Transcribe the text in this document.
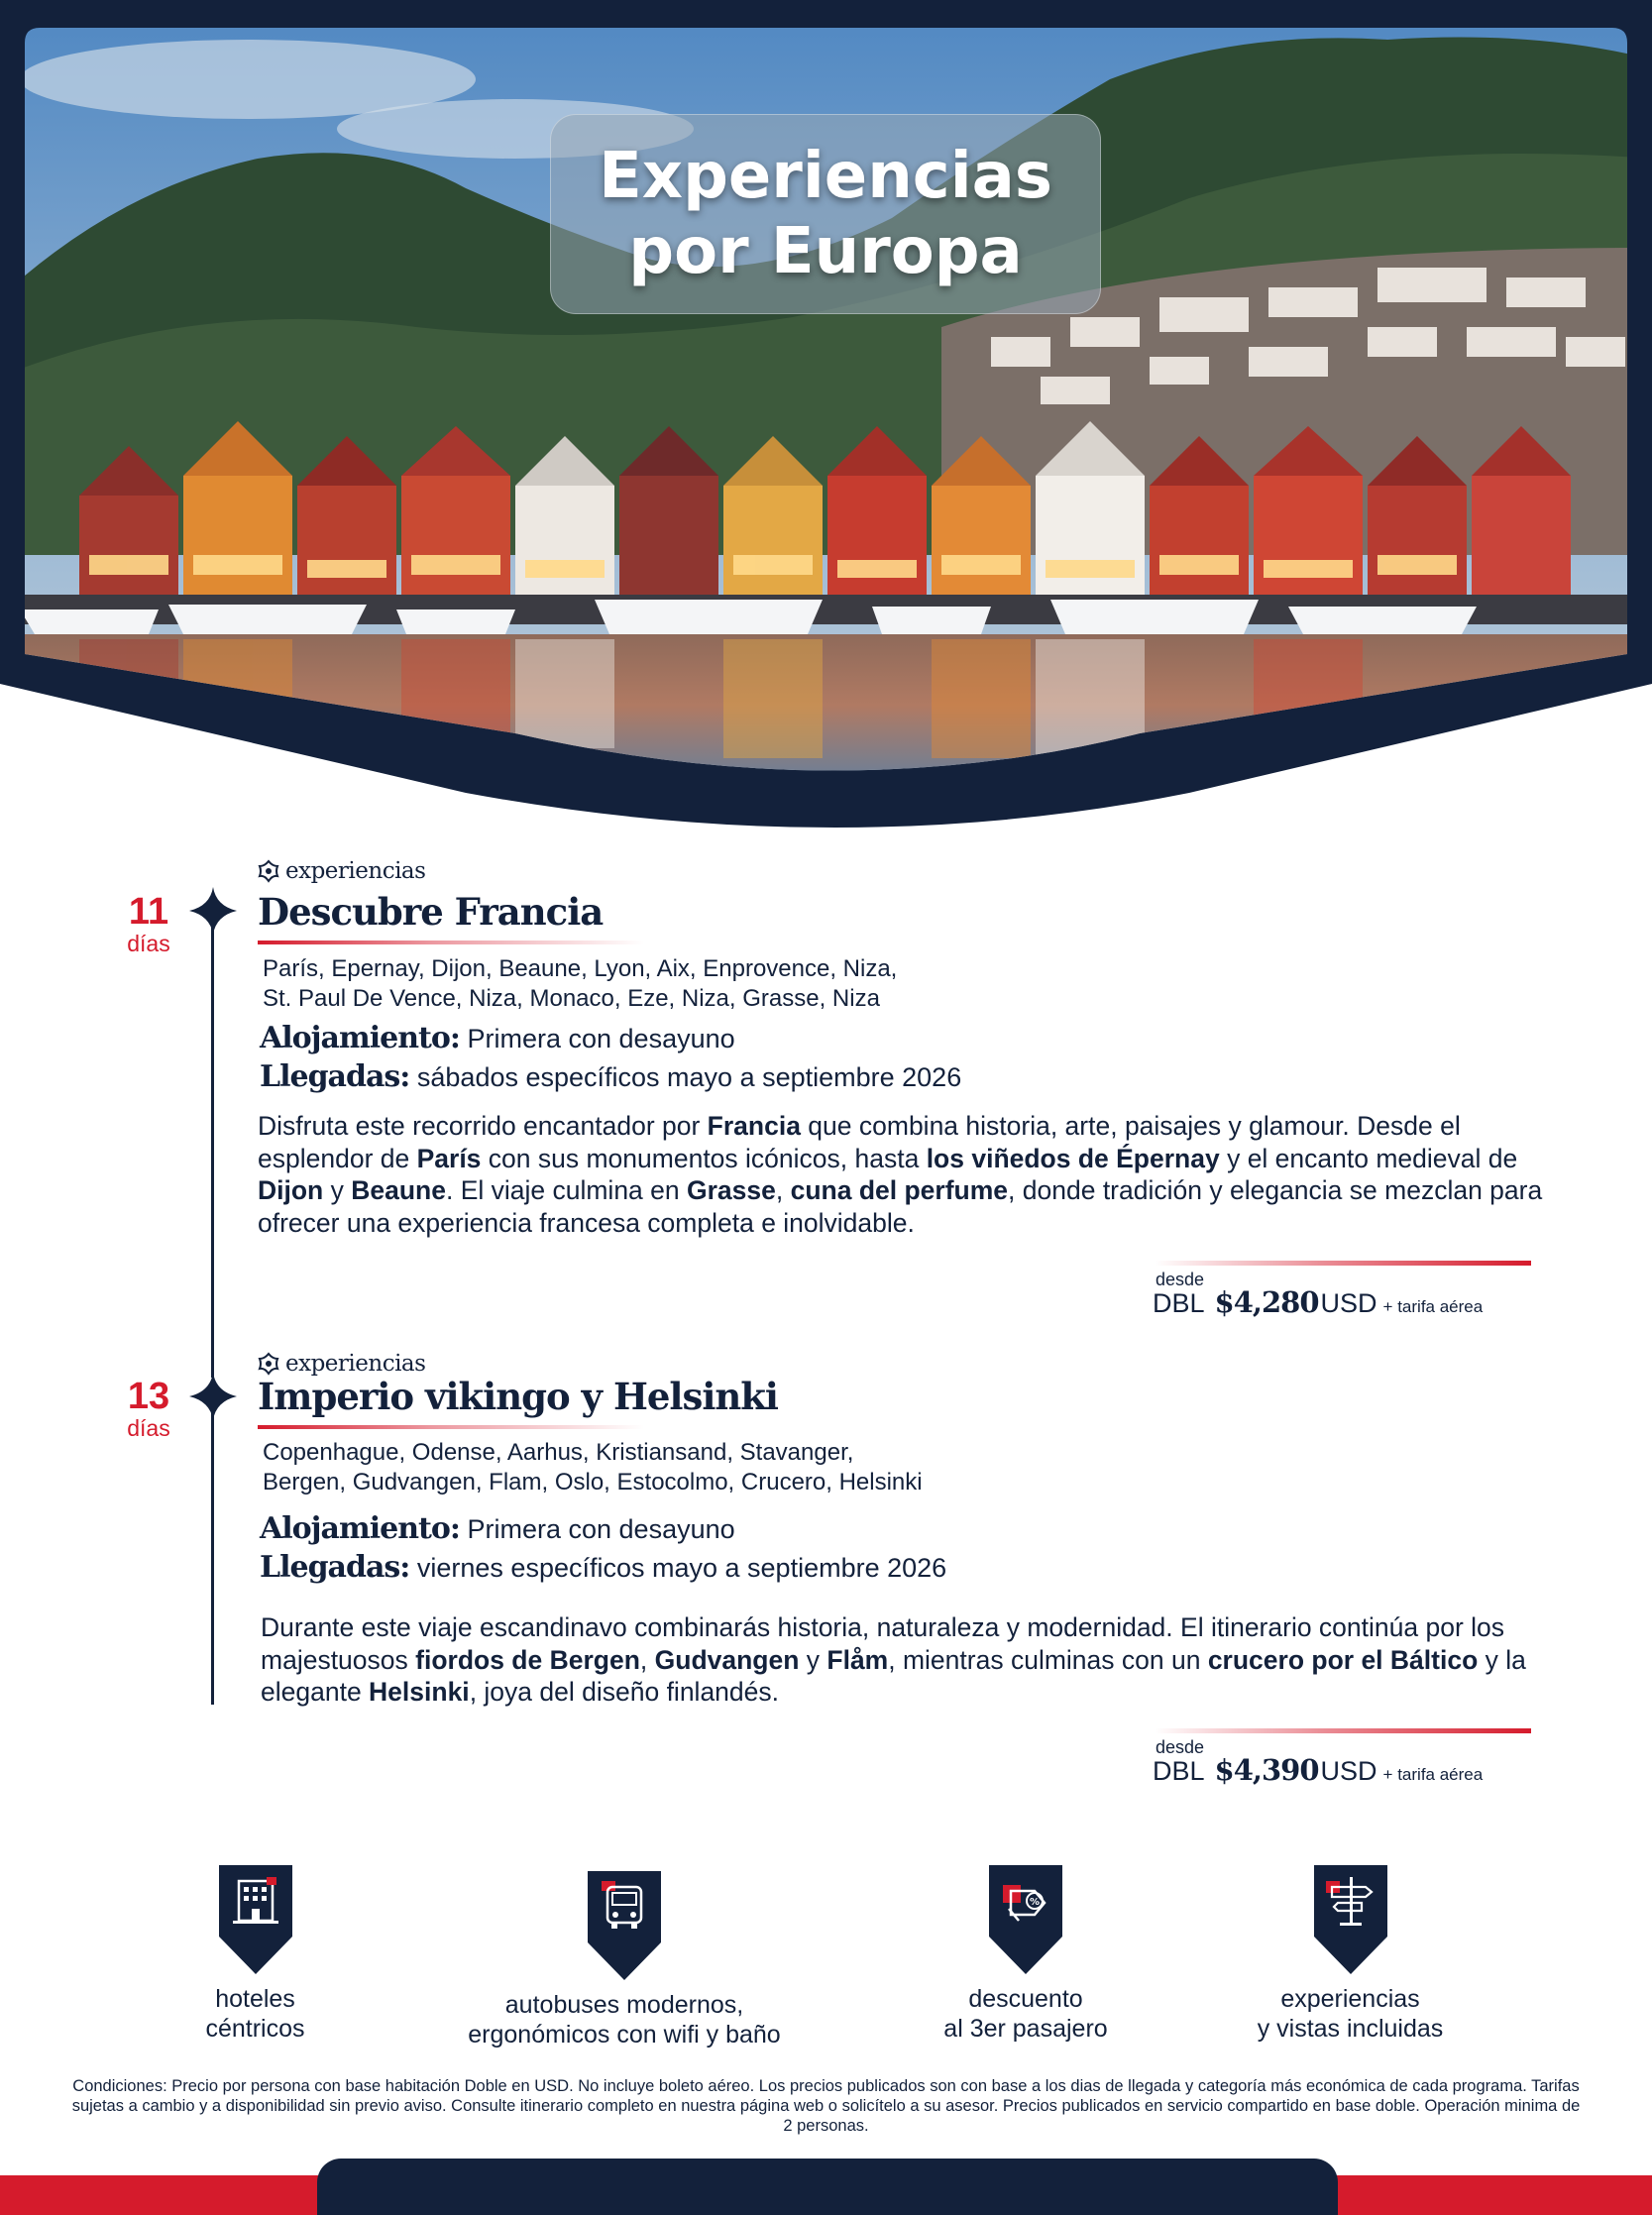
Experiencias
por Europa
11
días
experiencias
Descubre Francia
París, Epernay, Dijon, Beaune, Lyon, Aix, Enprovence, Niza,
St. Paul De Vence, Niza, Monaco, Eze, Niza, Grasse, Niza
Alojamiento: Primera con desayuno
Llegadas: sábados específicos mayo a septiembre 2026
Disfruta este recorrido encantador por Francia que combina historia, arte, paisajes y glamour. Desde el esplendor de París con sus monumentos icónicos, hasta los viñedos de Épernay y el encanto medieval de Dijon y Beaune. El viaje culmina en Grasse, cuna del perfume, donde tradición y elegancia se mezclan para ofrecer una experiencia francesa completa e inolvidable.
desde
DBL $4,280 USD + tarifa aérea
13
días
experiencias
Imperio vikingo y Helsinki
Copenhague, Odense, Aarhus, Kristiansand, Stavanger,
Bergen, Gudvangen, Flam, Oslo, Estocolmo, Crucero, Helsinki
Alojamiento: Primera con desayuno
Llegadas: viernes específicos mayo a septiembre 2026
Durante este viaje escandinavo combinarás historia, naturaleza y modernidad. El itinerario continúa por los majestuosos fiordos de Bergen, Gudvangen y Flåm, mientras culminas con un crucero por el Báltico y la elegante Helsinki, joya del diseño finlandés.
desde
DBL $4,390 USD + tarifa aérea
hoteles
céntricos
autobuses modernos,
ergonómicos con wifi y baño
%
descuento
al 3er pasajero
experiencias
y vistas incluidas
Condiciones: Precio por persona con base habitación Doble en USD. No incluye boleto aéreo. Los precios publicados son con base a los dias de llegada y categoría más económica de cada programa. Tarifas sujetas a cambio y a disponibilidad sin previo aviso. Consulte itinerario completo en nuestra página web o solicítelo a su asesor. Precios publicados en servicio compartido en base doble. Operación minima de 2 personas.
